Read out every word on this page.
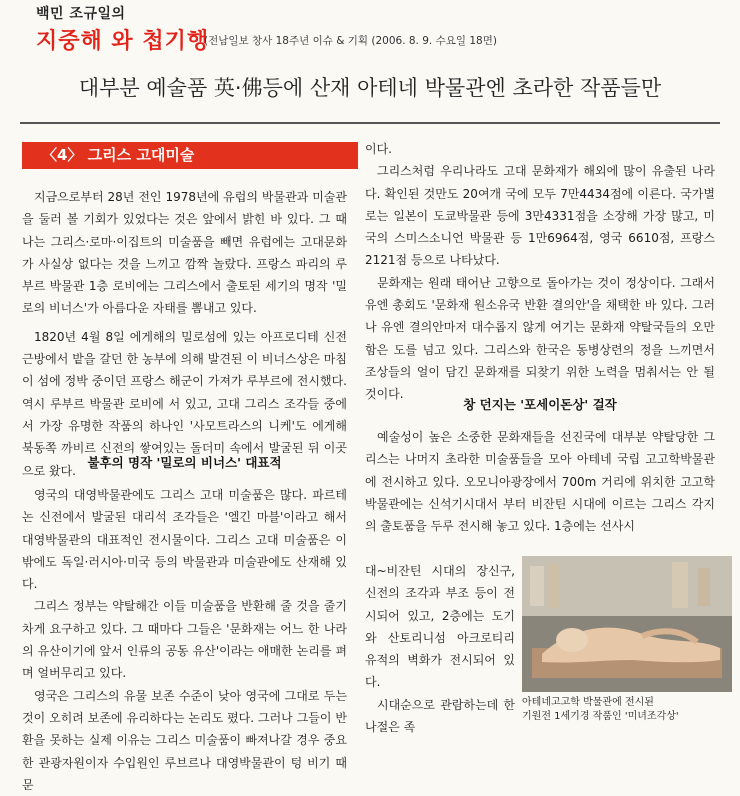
백민 조규일의
지중해 와 첩기행
(전남일보 창사 18주년 이슈 & 기획 (2006. 8. 9. 수요일 18면)
대부분 예술품 英·佛등에 산재 아테네 박물관엔 초라한 작품들만
〈4〉 그리스 고대미술

지금으로부터 28년 전인 1978년에 유럽의 박물관과 미술관을 둘러 볼 기회가 있었다는 것은 앞에서 밝힌 바 있다. 그 때 나는 그리스·로마·이집트의 미술품을 빼면 유럽에는 고대문화가 사실상 없다는 것을 느끼고 깜짝 놀랐다. 프랑스 파리의 루부르 박물관 1층 로비에는 그리스에서 출토된 세기의 명작 '밀로의 비너스'가 아름다운 자태를 뽐내고 있다.

1820년 4월 8일 에게해의 밀로섬에 있는 아프로디테 신전 근방에서 밭을 갈던 한 농부에 의해 발견된 이 비너스상은 마침 이 섬에 정박 중이던 프랑스 해군이 가져가 루부르에 전시했다. 역시 루부르 박물관 로비에 서 있고, 고대 그리스 조각들 중에서 가장 유명한 작품의 하나인 '사모트라스의 니케'도 에게해 북동쪽 까비르 신전의 쌓여있는 돌더미 속에서 발굴된 뒤 이곳으로 왔다.

불후의 명작 '밀로의 비너스' 대표적

영국의 대영박물관에도 그리스 고대 미술품은 많다. 파르테논 신전에서 발굴된 대리석 조각들은 '엘긴 마블'이라고 해서 대영박물관의 대표적인 전시물이다. 그리스 고대 미술품은 이밖에도 독일·러시아·미국 등의 박물관과 미술관에도 산재해 있다.

그리스 정부는 약탈해간 이들 미술품을 반환해 줄 것을 줄기차게 요구하고 있다. 그 때마다 그들은 '문화재는 어느 한 나라의 유산이기에 앞서 인류의 공동 유산'이라는 애매한 논리를 펴며 얼버무리고 있다.

영국은 그리스의 유물 보존 수준이 낮아 영국에 그대로 두는 것이 오히려 보존에 유리하다는 논리도 폈다. 그러나 그들이 반환을 못하는 실제 이유는 그리스 미술품이 빠져나갈 경우 중요한 관광자원이자 수입원인 루브르나 대영박물관이 텅 비기 때문

이다.

그리스처럼 우리나라도 고대 문화재가 해외에 많이 유출된 나라다. 확인된 것만도 20여개 국에 모두 7만4434점에 이른다. 국가별로는 일본이 도쿄박물관 등에 3만4331점을 소장해 가장 많고, 미국의 스미스소니언 박물관 등 1만6964점, 영국 6610점, 프랑스 2121점 등으로 나타났다.

문화재는 원래 태어난 고향으로 돌아가는 것이 정상이다. 그래서 유엔 총회도 '문화재 원소유국 반환 결의안'을 채택한 바 있다. 그러나 유엔 결의안마저 대수롭지 않게 여기는 문화재 약탈국들의 오만함은 도를 넘고 있다. 그리스와 한국은 동병상련의 정을 느끼면서 조상들의 얼이 담긴 문화재를 되찾기 위한 노력을 멈춰서는 안 될 것이다.

창 던지는 '포세이돈상' 걸작

예술성이 높은 소중한 문화재들을 선진국에 대부분 약탈당한 그리스는 나머지 초라한 미술품들을 모아 아테네 국립 고고학박물관에 전시하고 있다. 오모니아광장에서 700m 거리에 위치한 고고학박물관에는 신석기시대서 부터 비잔틴 시대에 이르는 그리스 각지의 출토품을 두루 전시해 놓고 있다. 1층에는 선사시

대~비잔틴 시대의 장신구, 신전의 조각과 부조 등이 전시되어 있고, 2층에는 도기와 산토리니섬 아크로티리 유적의 벽화가 전시되어 있다.

시대순으로 관람하는데 한나절은 족

아테네고고학 박물관에 전시된
기원전 1세기경 작품인 '미녀조각상'
